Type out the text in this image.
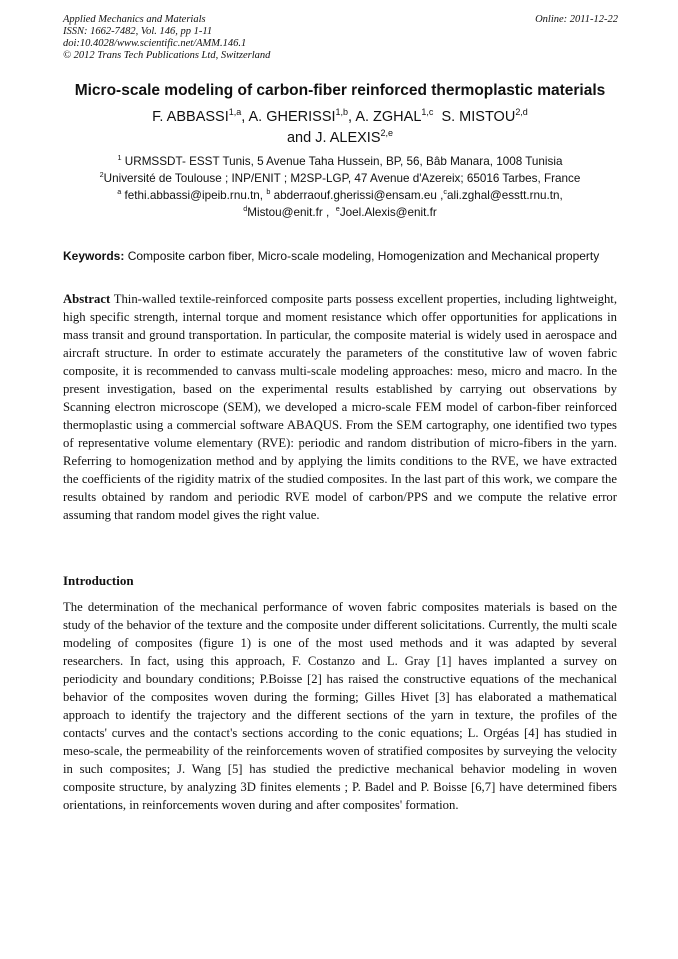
Applied Mechanics and Materials
ISSN: 1662-7482, Vol. 146, pp 1-11
doi:10.4028/www.scientific.net/AMM.146.1
© 2012 Trans Tech Publications Ltd, Switzerland
Online: 2011-12-22
Micro-scale modeling of carbon-fiber reinforced thermoplastic materials
F. ABBASSI$^{1,a}$, A. GHERISSI$^{1,b}$, A. ZGHAL$^{1,c}$ S. MISTOU$^{2,d}$
and J. ALEXIS$^{2,e}$
$^1$ URMSSDT- ESST Tunis, 5 Avenue Taha Hussein, BP, 56, Bâb Manara, 1008 Tunisia
$^2$Université de Toulouse ; INP/ENIT ; M2SP-LGP, 47 Avenue d'Azereix; 65016 Tarbes, France
$^a$ fethi.abbassi@ipeib.rnu.tn, $^b$ abderraouf.gherissi@ensam.eu ,$^c$ali.zghal@esstt.rnu.tn,
$^d$Mistou@enit.fr ,  $^e$Joel.Alexis@enit.fr
Keywords: Composite carbon fiber, Micro-scale modeling, Homogenization and Mechanical property
Abstract Thin-walled textile-reinforced composite parts possess excellent properties, including lightweight, high specific strength, internal torque and moment resistance which offer opportunities for applications in mass transit and ground transportation. In particular, the composite material is widely used in aerospace and aircraft structure. In order to estimate accurately the parameters of the constitutive law of woven fabric composite, it is recommended to canvass multi-scale modeling approaches: meso, micro and macro. In the present investigation, based on the experimental results established by carrying out observations by Scanning electron microscope (SEM), we developed a micro-scale FEM model of carbon-fiber reinforced thermoplastic using a commercial software ABAQUS. From the SEM cartography, one identified two types of representative volume elementary (RVE): periodic and random distribution of micro-fibers in the yarn. Referring to homogenization method and by applying the limits conditions to the RVE, we have extracted the coefficients of the rigidity matrix of the studied composites. In the last part of this work, we compare the results obtained by random and periodic RVE model of carbon/PPS and we compute the relative error assuming that random model gives the right value.
Introduction
The determination of the mechanical performance of woven fabric composites materials is based on the study of the behavior of the texture and the composite under different solicitations. Currently, the multi scale modeling of composites (figure 1) is one of the most used methods and it was adapted by several researchers. In fact, using this approach, F. Costanzo and L. Gray [1] haves implanted a survey on periodicity and boundary conditions; P.Boisse [2] has raised the constructive equations of the mechanical behavior of the composites woven during the forming; Gilles Hivet [3] has elaborated a mathematical approach to identify the trajectory and the different sections of the yarn in texture, the profiles of the contacts' curves and the contact's sections according to the conic equations; L. Orgéas [4] has studied in meso-scale, the permeability of the reinforcements woven of stratified composites by surveying the velocity in such composites; J. Wang [5] has studied the predictive mechanical behavior modeling in woven composite structure, by analyzing 3D finites elements ; P. Badel and P. Boisse [6,7] have determined fibers orientations, in reinforcements woven during and after composites' formation.
